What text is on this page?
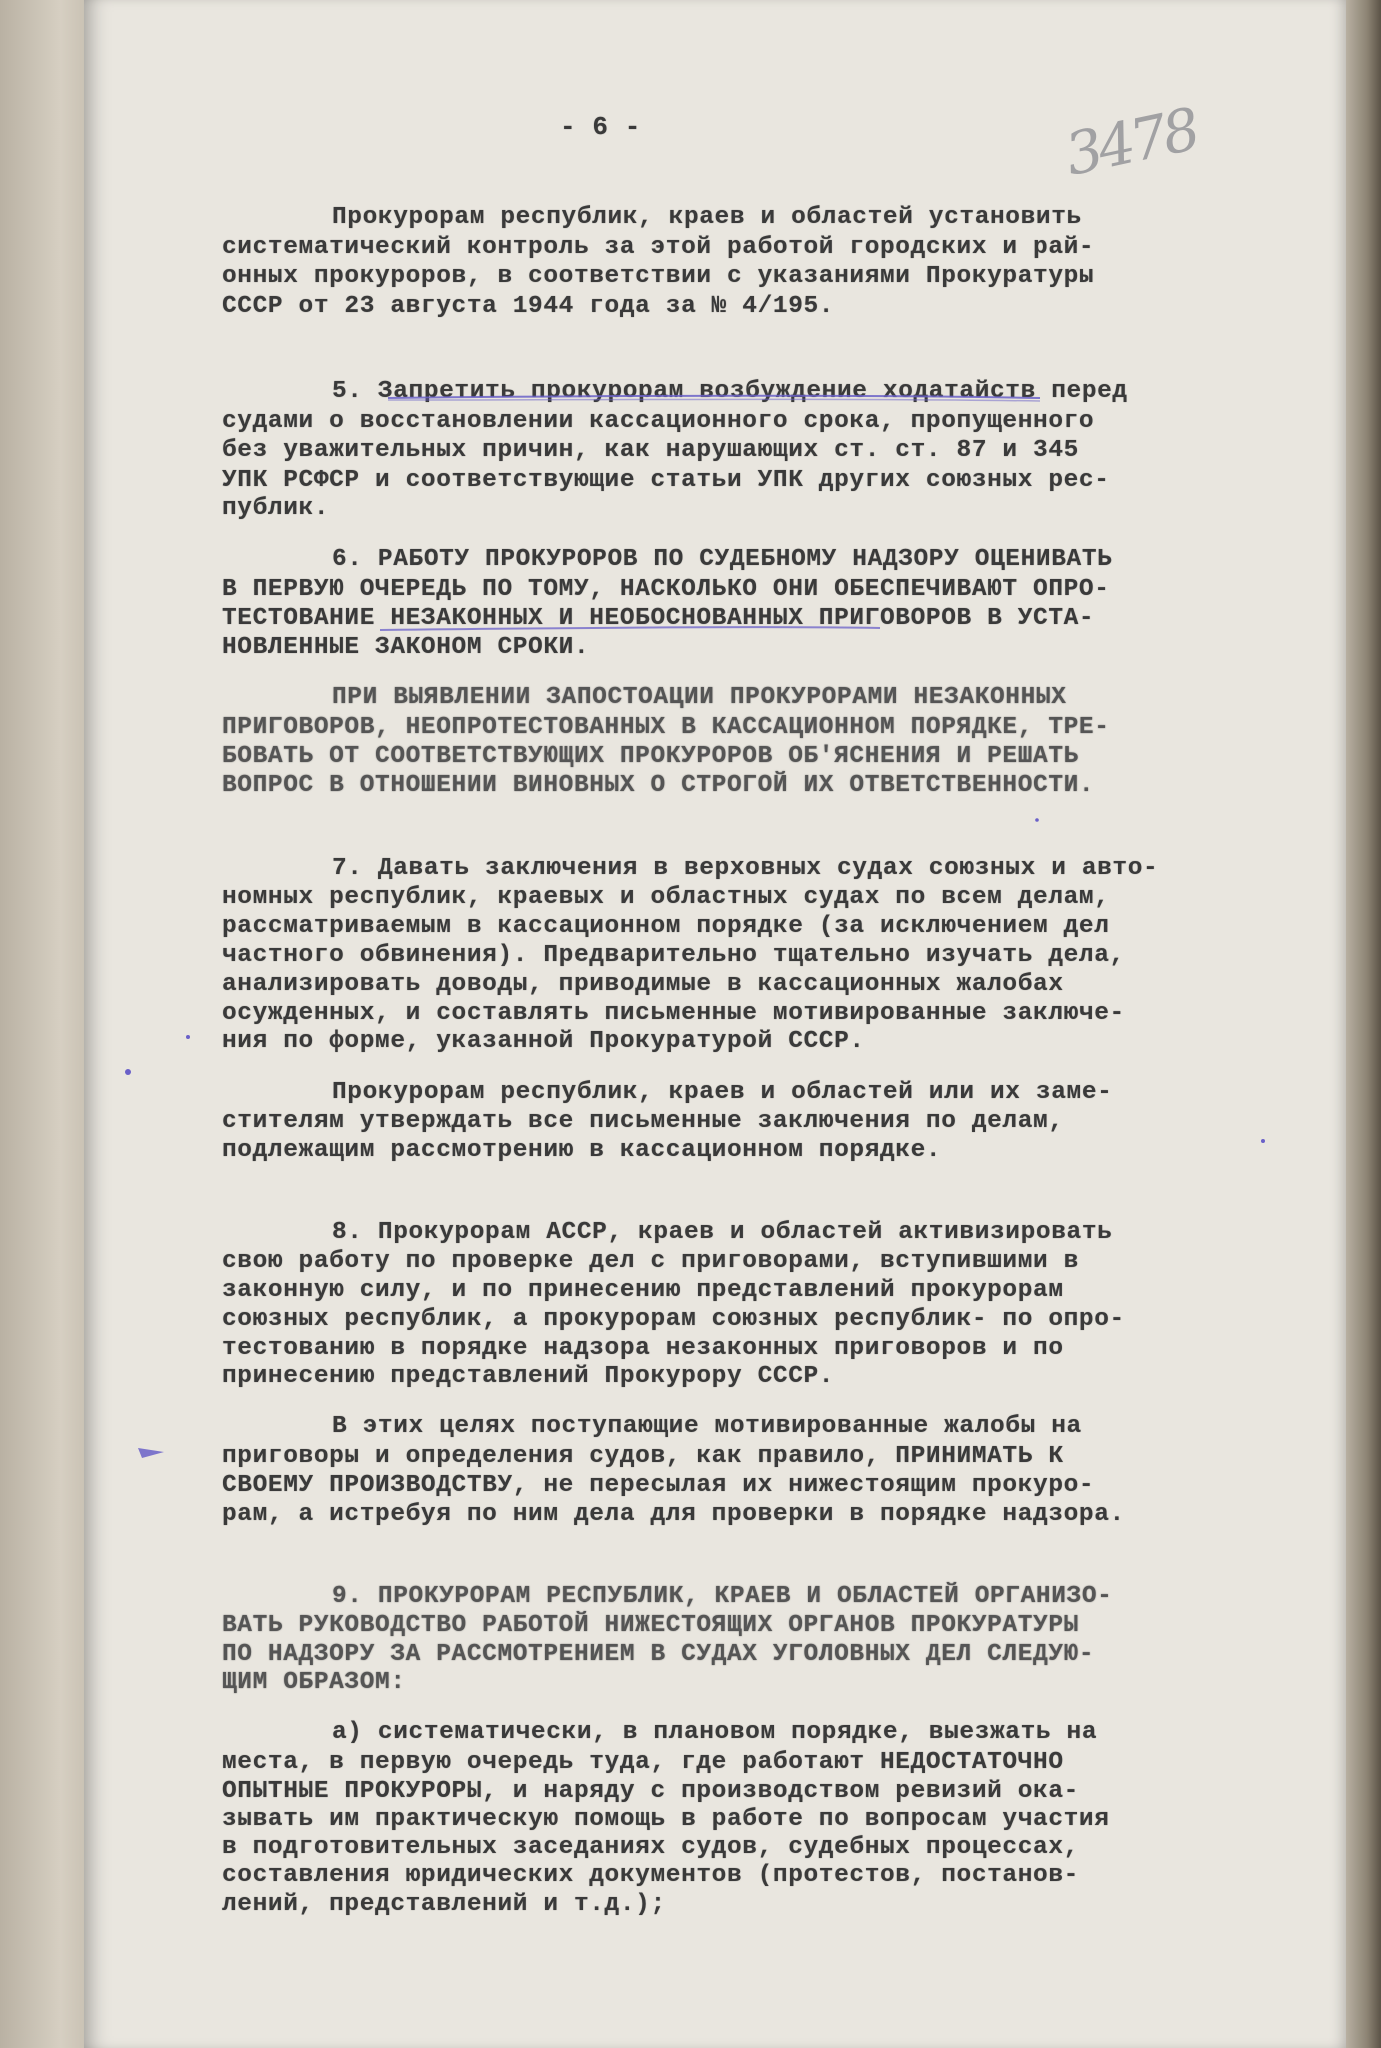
- 6 -	3478
Прокурорам республик, краев и областей установить
систематический контроль за этой работой городских и рай-
онных прокуроров, в соответствии с указаниями Прокуратуры
СССР от 23 августа 1944 года за № 4/195.
5. Запретить прокурорам возбуждение ходатайств перед
судами о восстановлении кассационного срока, пропущенного
без уважительных причин, как нарушающих ст. ст. 87 и 345
УПК РСФСР и соответствующие статьи УПК других союзных рес-
публик.
6. РАБОТУ ПРОКУРОРОВ ПО СУДЕБНОМУ НАДЗОРУ ОЦЕНИВАТЬ
В ПЕРВУЮ ОЧЕРЕДЬ ПО ТОМУ, НАСКОЛЬКО ОНИ ОБЕСПЕЧИВАЮТ ОПРО-
ТЕСТОВАНИЕ НЕЗАКОННЫХ И НЕОБОСНОВАННЫХ ПРИГОВОРОВ В УСТА-
НОВЛЕННЫЕ ЗАКОНОМ СРОКИ.
ПРИ ВЫЯВЛЕНИИ ЗАПОСТОАЦИИ ПРОКУРОРАМИ НЕЗАКОННЫХ
ПРИГОВОРОВ, НЕОПРОТЕСТОВАННЫХ В КАССАЦИОННОМ ПОРЯДКЕ, ТРЕ-
БОВАТЬ ОТ СООТВЕТСТВУЮЩИХ ПРОКУРОРОВ ОБ'ЯСНЕНИЯ И РЕШАТЬ
ВОПРОС В ОТНОШЕНИИ ВИНОВНЫХ О СТРОГОЙ ИХ ОТВЕТСТВЕННОСТИ.
7. Давать заключения в верховных судах союзных и авто-
номных республик, краевых и областных судах по всем делам,
рассматриваемым в кассационном порядке (за исключением дел
частного обвинения). Предварительно тщательно изучать дела,
анализировать доводы, приводимые в кассационных жалобах
осужденных, и составлять письменные мотивированные заключе-
ния по форме, указанной Прокуратурой СССР.
Прокурорам республик, краев и областей или их заме-
стителям утверждать все письменные заключения по делам,
подлежащим рассмотрению в кассационном порядке.
8. Прокурорам АССР, краев и областей активизировать
свою работу по проверке дел с приговорами, вступившими в
законную силу, и по принесению представлений прокурорам
союзных республик, а прокурорам союзных республик- по опро-
тестованию в порядке надзора незаконных приговоров и по
принесению представлений Прокурору СССР.
В этих целях поступающие мотивированные жалобы на
приговоры и определения судов, как правило, ПРИНИМАТЬ К
СВОЕМУ ПРОИЗВОДСТВУ, не пересылая их нижестоящим прокуро-
рам, а истребуя по ним дела для проверки в порядке надзора.
9. ПРОКУРОРАМ РЕСПУБЛИК, КРАЕВ И ОБЛАСТЕЙ ОРГАНИЗО-
ВАТЬ РУКОВОДСТВО РАБОТОЙ НИЖЕСТОЯЩИХ ОРГАНОВ ПРОКУРАТУРЫ
ПО НАДЗОРУ ЗА РАССМОТРЕНИЕМ В СУДАХ УГОЛОВНЫХ ДЕЛ СЛЕДУЮ-
ЩИМ ОБРАЗОМ:
а) систематически, в плановом порядке, выезжать на
места, в первую очередь туда, где работают НЕДОСТАТОЧНО
ОПЫТНЫЕ ПРОКУРОРЫ, и наряду с производством ревизий ока-
зывать им практическую помощь в работе по вопросам участия
в подготовительных заседаниях судов, судебных процессах,
составления юридических документов (протестов, постанов-
лений, представлений и т.д.);
